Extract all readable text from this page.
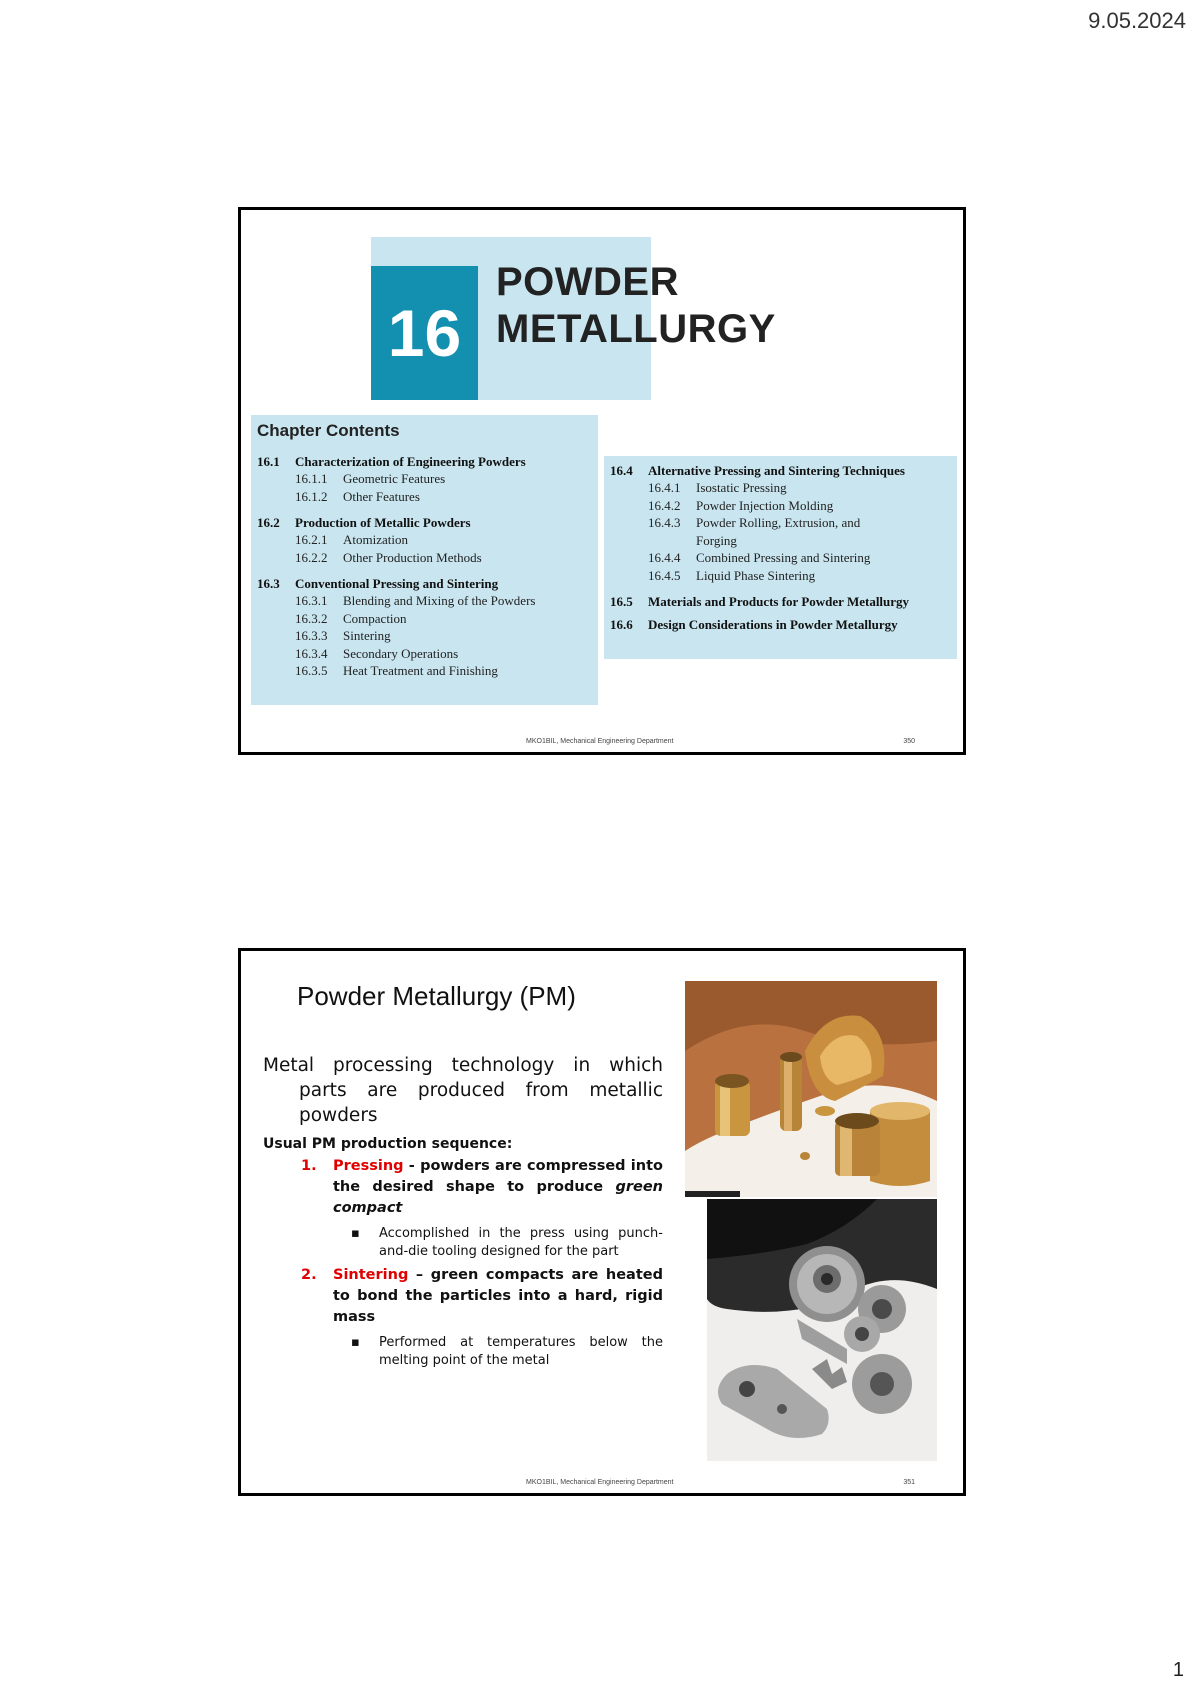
9.05.2024
16
POWDER
METALLURGY
Chapter Contents
16.1	Characterization of Engineering Powders
16.1.1	Geometric Features
16.1.2	Other Features
16.2	Production of Metallic Powders
16.2.1	Atomization
16.2.2	Other Production Methods
16.3	Conventional Pressing and Sintering
16.3.1	Blending and Mixing of the Powders
16.3.2	Compaction
16.3.3	Sintering
16.3.4	Secondary Operations
16.3.5	Heat Treatment and Finishing
16.4	Alternative Pressing and Sintering Techniques
16.4.1	Isostatic Pressing
16.4.2	Powder Injection Molding
16.4.3	Powder Rolling, Extrusion, and Forging
16.4.4	Combined Pressing and Sintering
16.4.5	Liquid Phase Sintering
16.5	Materials and Products for Powder Metallurgy
16.6	Design Considerations in Powder Metallurgy
MKO1BIL, Mechanical Engineering Department	350
Powder Metallurgy (PM)
Metal processing technology in which parts are produced from metallic powders
Usual PM production sequence:
1. Pressing - powders are compressed into the desired shape to produce green compact
▪ Accomplished in the press using punch-and-die tooling designed for the part
2. Sintering – green compacts are heated to bond the particles into a hard, rigid mass
▪ Performed at temperatures below the melting point of the metal
MKO1BIL, Mechanical Engineering Department	351
1
